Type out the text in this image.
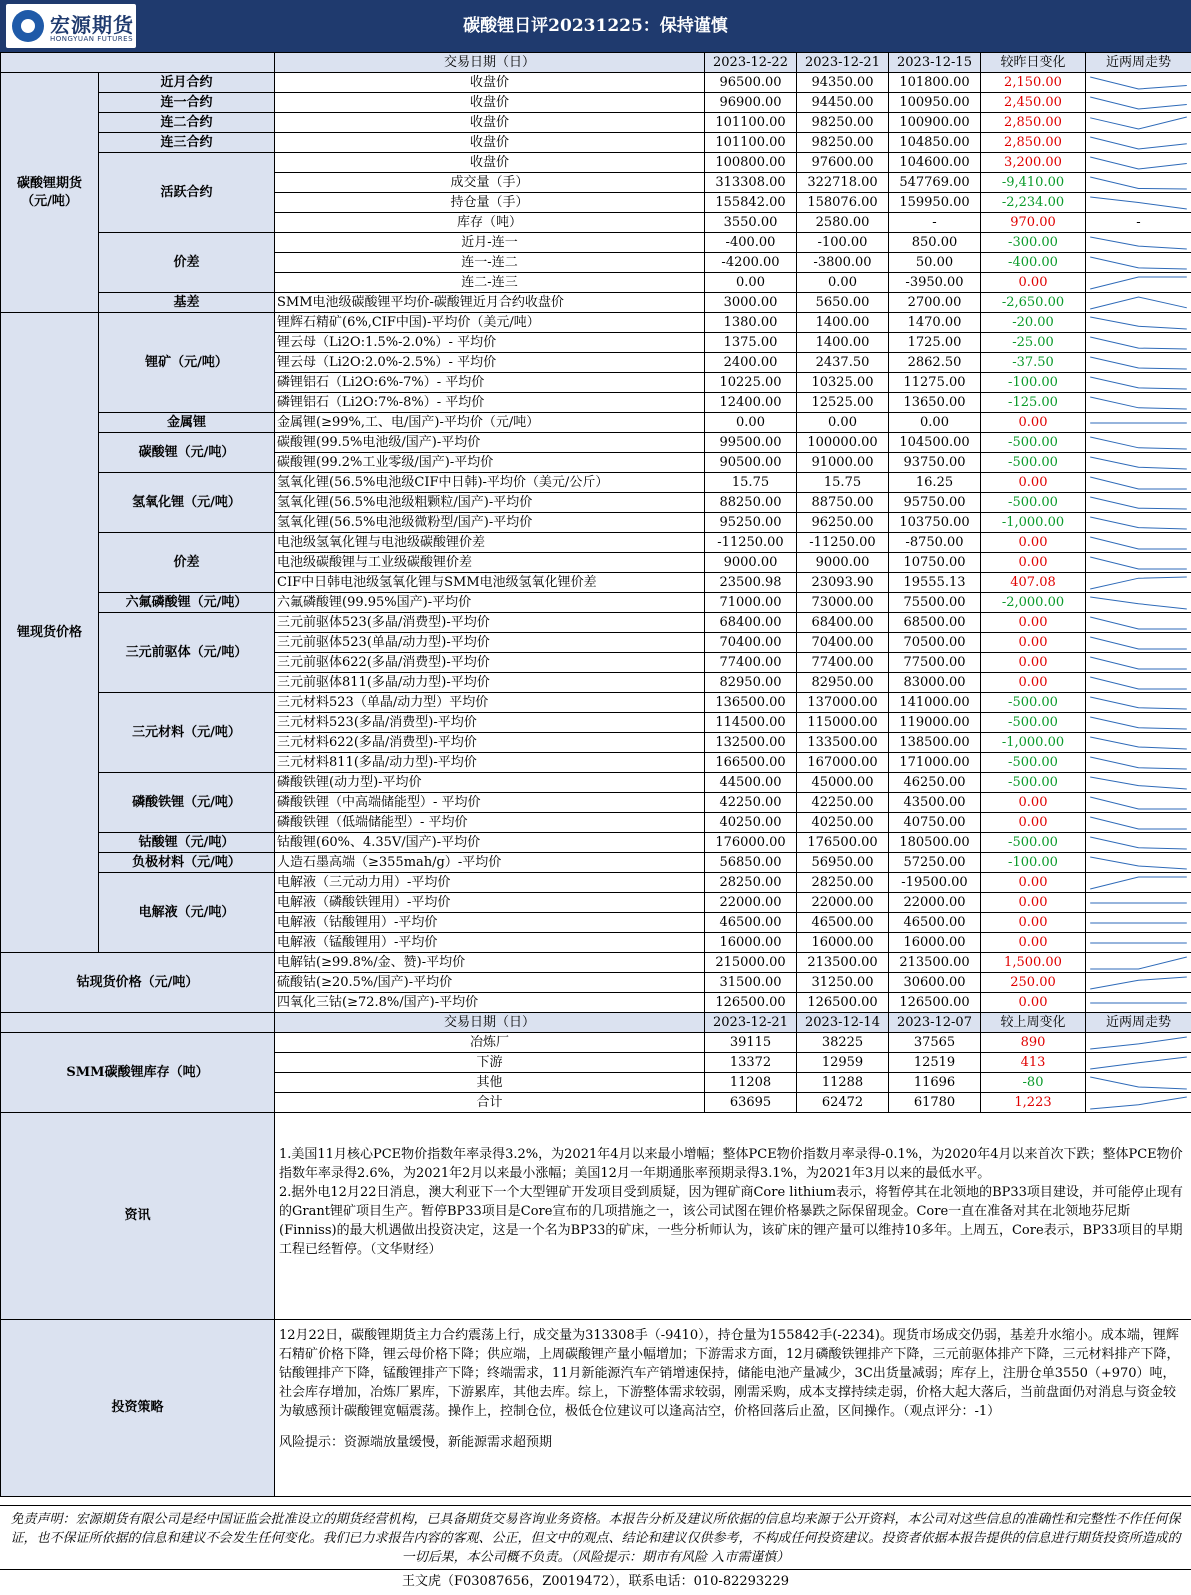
宏源期货
HONGYUAN FUTURES
碳酸锂日评20231225：保持谨慎
		交易日期（日）	2023-12-22	2023-12-21	2023-12-15	较昨日变化	近两周走势
碳酸锂期货（元/吨）	近月合约	收盘价	96500.00	94350.00	101800.00	2,150.00	

	连一合约	收盘价	96900.00	94450.00	100950.00	2,450.00	

	连二合约	收盘价	101100.00	98250.00	100900.00	2,850.00	

	连三合约	收盘价	101100.00	98250.00	104850.00	2,850.00	

	活跃合约	收盘价	100800.00	97600.00	104600.00	3,200.00	

		成交量（手）	313308.00	322718.00	547769.00	-9,410.00	

		持仓量（手）	155842.00	158076.00	159950.00	-2,234.00	

		库存（吨）	3550.00	2580.00	-	970.00	-
	价差	近月-连一	-400.00	-100.00	850.00	-300.00	

		连一-连二	-4200.00	-3800.00	50.00	-400.00	

		连二-连三	0.00	0.00	-3950.00	0.00	

	基差	SMM电池级碳酸锂平均价-碳酸锂近月合约收盘价	3000.00	5650.00	2700.00	-2,650.00	

锂现货价格	锂矿（元/吨）	锂辉石精矿(6%,CIF中国)-平均价（美元/吨）	1380.00	1400.00	1470.00	-20.00	

		锂云母（Li2O:1.5%-2.0%）- 平均价	1375.00	1400.00	1725.00	-25.00	

		锂云母（Li2O:2.0%-2.5%）- 平均价	2400.00	2437.50	2862.50	-37.50	

		磷锂铝石（Li2O:6%-7%）- 平均价	10225.00	10325.00	11275.00	-100.00	

		磷锂铝石（Li2O:7%-8%）- 平均价	12400.00	12525.00	13650.00	-125.00	

	金属锂	金属锂(≥99%,工、电/国产)-平均价（元/吨）	0.00	0.00	0.00	0.00	

	碳酸锂（元/吨）	碳酸锂(99.5%电池级/国产)-平均价	99500.00	100000.00	104500.00	-500.00	

		碳酸锂(99.2%工业零级/国产)-平均价	90500.00	91000.00	93750.00	-500.00	

	氢氧化锂（元/吨）	氢氧化锂(56.5%电池级CIF中日韩)-平均价（美元/公斤）	15.75	15.75	16.25	0.00	

		氢氧化锂(56.5%电池级粗颗粒/国产)-平均价	88250.00	88750.00	95750.00	-500.00	

		氢氧化锂(56.5%电池级微粉型/国产)-平均价	95250.00	96250.00	103750.00	-1,000.00	

	价差	电池级氢氧化锂与电池级碳酸锂价差	-11250.00	-11250.00	-8750.00	0.00	

		电池级碳酸锂与工业级碳酸锂价差	9000.00	9000.00	10750.00	0.00	

		CIF中日韩电池级氢氧化锂与SMM电池级氢氧化锂价差	23500.98	23093.90	19555.13	407.08	

	六氟磷酸锂（元/吨）	六氟磷酸锂(99.95%国产)-平均价	71000.00	73000.00	75500.00	-2,000.00	

	三元前驱体（元/吨）	三元前驱体523(多晶/消费型)-平均价	68400.00	68400.00	68500.00	0.00	

		三元前驱体523(单晶/动力型)-平均价	70400.00	70400.00	70500.00	0.00	

		三元前驱体622(多晶/消费型)-平均价	77400.00	77400.00	77500.00	0.00	

		三元前驱体811(多晶/动力型)-平均价	82950.00	82950.00	83000.00	0.00	

	三元材料（元/吨）	三元材料523（单晶/动力型）平均价	136500.00	137000.00	141000.00	-500.00	

		三元材料523(多晶/消费型)-平均价	114500.00	115000.00	119000.00	-500.00	

		三元材料622(多晶/消费型)-平均价	132500.00	133500.00	138500.00	-1,000.00	

		三元材料811(多晶/动力型)-平均价	166500.00	167000.00	171000.00	-500.00	

	磷酸铁锂（元/吨）	磷酸铁锂(动力型)-平均价	44500.00	45000.00	46250.00	-500.00	

		磷酸铁锂（中高端储能型）- 平均价	42250.00	42250.00	43500.00	0.00	

		磷酸铁锂（低端储能型）- 平均价	40250.00	40250.00	40750.00	0.00	

	钴酸锂（元/吨）	钴酸锂(60%、4.35V/国产)-平均价	176000.00	176500.00	180500.00	-500.00	

	负极材料（元/吨）	人造石墨高端（≥355mah/g）-平均价	56850.00	56950.00	57250.00	-100.00	

	电解液（元/吨）	电解液（三元动力用）-平均价	28250.00	28250.00	-19500.00	0.00	

		电解液（磷酸铁锂用）-平均价	22000.00	22000.00	22000.00	0.00	

		电解液（钴酸锂用）-平均价	46500.00	46500.00	46500.00	0.00	

		电解液（锰酸锂用）-平均价	16000.00	16000.00	16000.00	0.00	

钴现货价格（元/吨）		电解钴(≥99.8%/金、赞)-平均价	215000.00	213500.00	213500.00	1,500.00	

		硫酸钴(≥20.5%/国产)-平均价	31500.00	31250.00	30600.00	250.00	

		四氧化三钴(≥72.8%/国产)-平均价	126500.00	126500.00	126500.00	0.00	

		交易日期（日）	2023-12-21	2023-12-14	2023-12-07	较上周变化	近两周走势
SMM碳酸锂库存（吨）		冶炼厂	39115	38225	37565	890	

		下游	13372	12959	12519	413	

		其他	11208	11288	11696	-80	

		合计	63695	62472	61780	1,223	

资讯		1.美国11月核心PCE物价指数年率录得3.2%，为2021年4月以来最小增幅；整体PCE物价指数月率录得-0.1%，为2020年4月以来首次下跌；整体PCE物价指数年率录得2.6%，为2021年2月以来最小涨幅；美国12月一年期通胀率预期录得3.1%，为2021年3月以来的最低水平。
2.据外电12月22日消息，澳大利亚下一个大型锂矿开发项目受到质疑，因为锂矿商Core lithium表示，将暂停其在北领地的BP33项目建设，并可能停止现有的Grant锂矿项目生产。暂停BP33项目是Core宣布的几项措施之一，该公司试图在锂价格暴跌之际保留现金。Core一直在准备对其在北领地芬尼斯(Finniss)的最大机遇做出投资决定，这是一个名为BP33的矿床，一些分析师认为，该矿床的锂产量可以维持10多年。上周五，Core表示，BP33项目的早期工程已经暂停。（文华财经）					

投资策略		12月22日，碳酸锂期货主力合约震荡上行，成交量为313308手（-9410），持仓量为155842手(-2234)。现货市场成交仍弱，基差升水缩小。成本端，锂辉石精矿价格下降，锂云母价格下降；供应端，上周碳酸锂产量小幅增加；下游需求方面，12月磷酸铁锂排产下降，三元前驱体排产下降，三元材料排产下降，钴酸锂排产下降，锰酸锂排产下降；终端需求，11月新能源汽车产销增速保持，储能电池产量减少，3C出货量减弱；库存上，注册仓单3550（+970）吨，社会库存增加，冶炼厂累库，下游累库，其他去库。综上，下游整体需求较弱，刚需采购，成本支撑持续走弱，价格大起大落后，当前盘面仍对消息与资金较为敏感预计碳酸锂宽幅震荡。操作上，控制仓位，极低仓位建议可以逢高沽空，价格回落后止盈，区间操作。（观点评分：-1）
风险提示：资源端放量缓慢，新能源需求超预期					
免责声明：宏源期货有限公司是经中国证监会批准设立的期货经营机构，已具备期货交易咨询业务资格。本报告分析及建议所依据的信息均来源于公开资料，本公司对这些信息的准确性和完整性不作任何保证，也不保证所依据的信息和建议不会发生任何变化。我们已力求报告内容的客观、公正，但文中的观点、结论和建议仅供参考，不构成任何投资建议。投资者依据本报告提供的信息进行期货投资所造成的一切后果，本公司概不负责。（风险提示：期市有风险 入市需谨慎）
王文虎（F03087656，Z0019472），联系电话：010-82293229
